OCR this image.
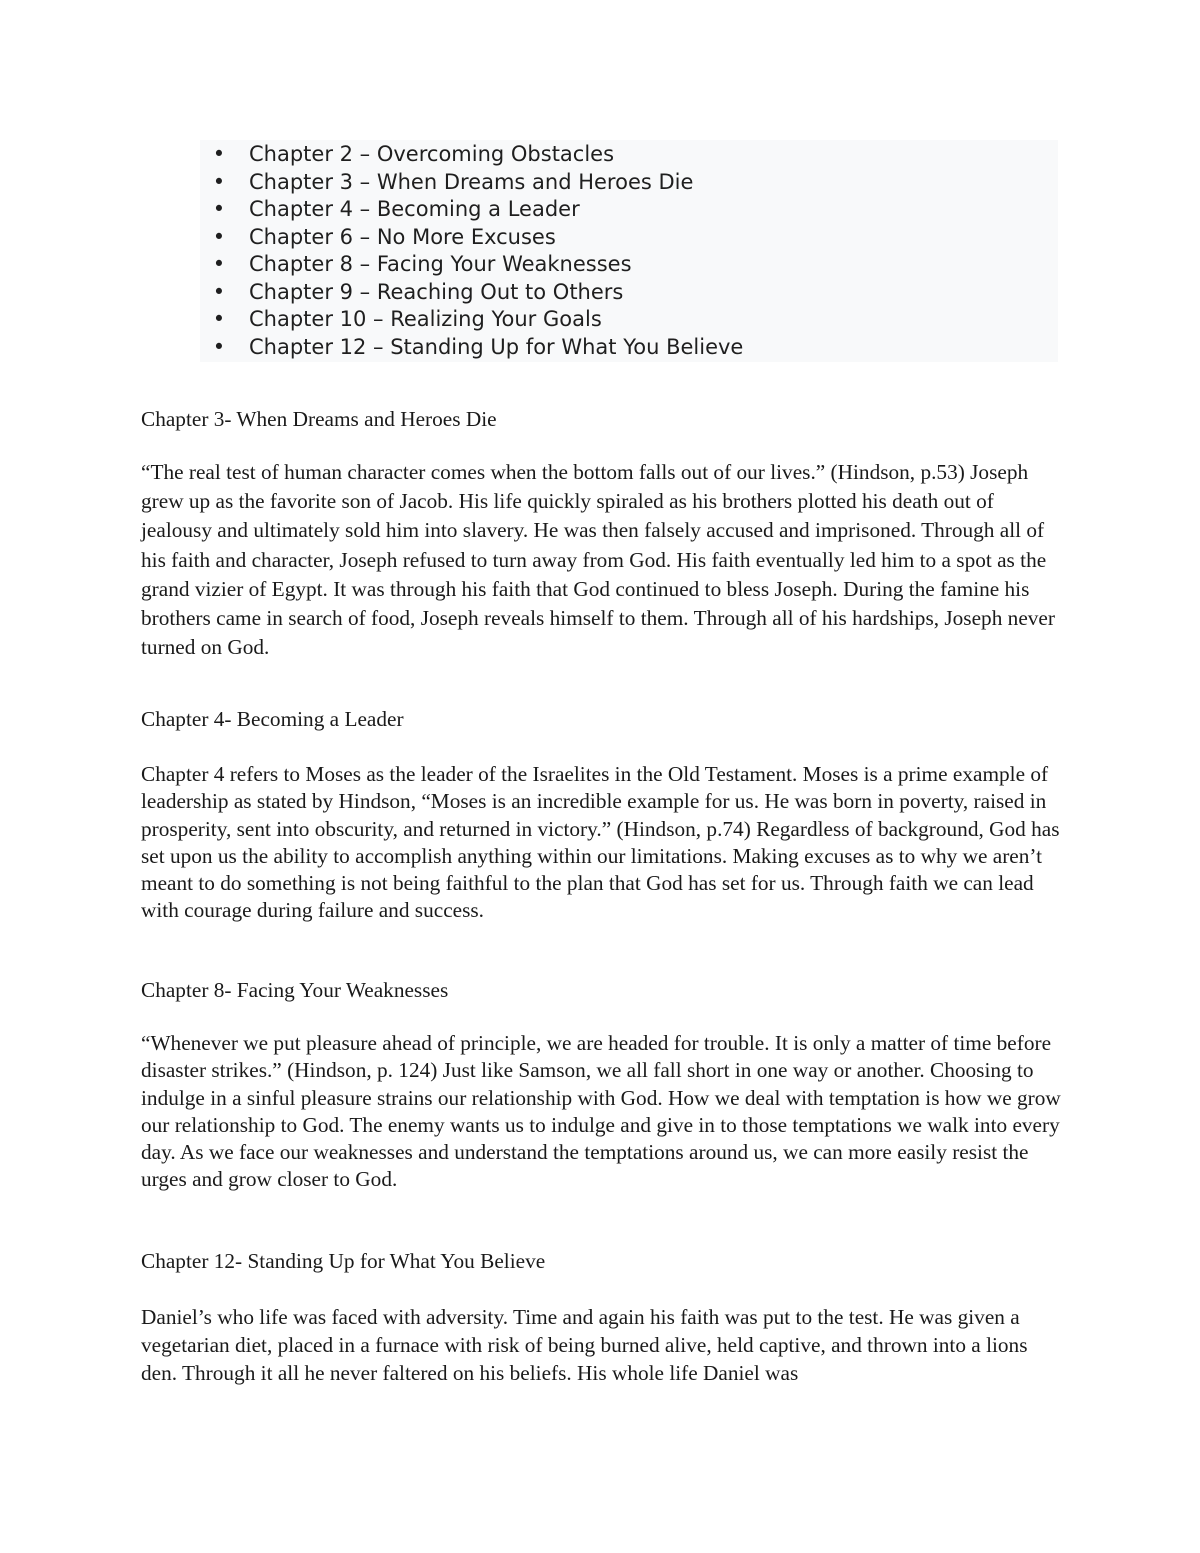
• Chapter 2 – Overcoming Obstacles
• Chapter 3 – When Dreams and Heroes Die
• Chapter 4 – Becoming a Leader
• Chapter 6 – No More Excuses
• Chapter 8 – Facing Your Weaknesses
• Chapter 9 – Reaching Out to Others
• Chapter 10 – Realizing Your Goals
• Chapter 12 – Standing Up for What You Believe

Chapter 3- When Dreams and Heroes Die

“The real test of human character comes when the bottom falls out of our lives.” (Hindson, p.53) Joseph grew up as the favorite son of Jacob. His life quickly spiraled as his brothers plotted his death out of jealousy and ultimately sold him into slavery. He was then falsely accused and imprisoned. Through all of his faith and character, Joseph refused to turn away from God. His faith eventually led him to a spot as the grand vizier of Egypt. It was through his faith that God continued to bless Joseph. During the famine his brothers came in search of food, Joseph reveals himself to them. Through all of his hardships, Joseph never turned on God.

Chapter 4- Becoming a Leader

Chapter 4 refers to Moses as the leader of the Israelites in the Old Testament. Moses is a prime example of leadership as stated by Hindson, “Moses is an incredible example for us. He was born in poverty, raised in prosperity, sent into obscurity, and returned in victory.” (Hindson, p.74) Regardless of background, God has set upon us the ability to accomplish anything within our limitations. Making excuses as to why we aren’t meant to do something is not being faithful to the plan that God has set for us. Through faith we can lead with courage during failure and success.

Chapter 8- Facing Your Weaknesses

“Whenever we put pleasure ahead of principle, we are headed for trouble. It is only a matter of time before disaster strikes.” (Hindson, p. 124) Just like Samson, we all fall short in one way or another. Choosing to indulge in a sinful pleasure strains our relationship with God. How we deal with temptation is how we grow our relationship to God. The enemy wants us to indulge and give in to those temptations we walk into every day. As we face our weaknesses and understand the temptations around us, we can more easily resist the urges and grow closer to God.

Chapter 12- Standing Up for What You Believe

Daniel’s who life was faced with adversity. Time and again his faith was put to the test. He was given a vegetarian diet, placed in a furnace with risk of being burned alive, held captive, and thrown into a lions den. Through it all he never faltered on his beliefs. His whole life Daniel was
